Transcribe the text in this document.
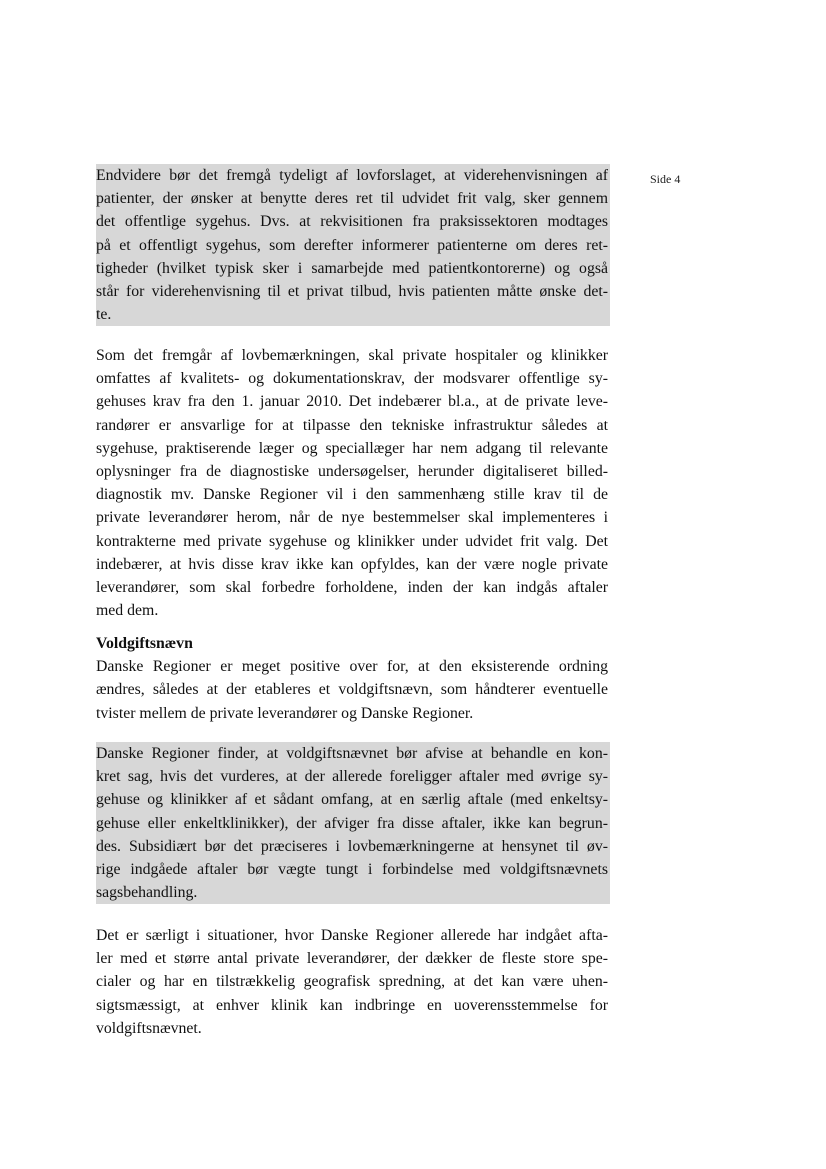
Side 4
Endvidere bør det fremgå tydeligt af lovforslaget, at viderehenvisningen af
patienter, der ønsker at benytte deres ret til udvidet frit valg, sker gennem
det offentlige sygehus. Dvs. at rekvisitionen fra praksissektoren modtages
på et offentligt sygehus, som derefter informerer patienterne om deres ret-
tigheder (hvilket typisk sker i samarbejde med patientkontorerne) og også
står for viderehenvisning til et privat tilbud, hvis patienten måtte ønske det-
te.
Som det fremgår af lovbemærkningen, skal private hospitaler og klinikker
omfattes af kvalitets- og dokumentationskrav, der modsvarer offentlige sy-
gehuses krav fra den 1. januar 2010. Det indebærer bl.a., at de private leve-
randører er ansvarlige for at tilpasse den tekniske infrastruktur således at
sygehuse, praktiserende læger og speciallæger har nem adgang til relevante
oplysninger fra de diagnostiske undersøgelser, herunder digitaliseret billed-
diagnostik mv. Danske Regioner vil i den sammenhæng stille krav til de
private leverandører herom, når de nye bestemmelser skal implementeres i
kontrakterne med private sygehuse og klinikker under udvidet frit valg. Det
indebærer, at hvis disse krav ikke kan opfyldes, kan der være nogle private
leverandører, som skal forbedre forholdene, inden der kan indgås aftaler
med dem.
Voldgiftsnævn
Danske Regioner er meget positive over for, at den eksisterende ordning
ændres, således at der etableres et voldgiftsnævn, som håndterer eventuelle
tvister mellem de private leverandører og Danske Regioner.
Danske Regioner finder, at voldgiftsnævnet bør afvise at behandle en kon-
kret sag, hvis det vurderes, at der allerede foreligger aftaler med øvrige sy-
gehuse og klinikker af et sådant omfang, at en særlig aftale (med enkeltsy-
gehuse eller enkeltklinikker), der afviger fra disse aftaler, ikke kan begrun-
des. Subsidiært bør det præciseres i lovbemærkningerne at hensynet til øv-
rige indgåede aftaler bør vægte tungt i forbindelse med voldgiftsnævnets
sagsbehandling.
Det er særligt i situationer, hvor Danske Regioner allerede har indgået afta-
ler med et større antal private leverandører, der dækker de fleste store spe-
cialer og har en tilstrækkelig geografisk spredning, at det kan være uhen-
sigtsmæssigt, at enhver klinik kan indbringe en uoverensstemmelse for
voldgiftsnævnet.
